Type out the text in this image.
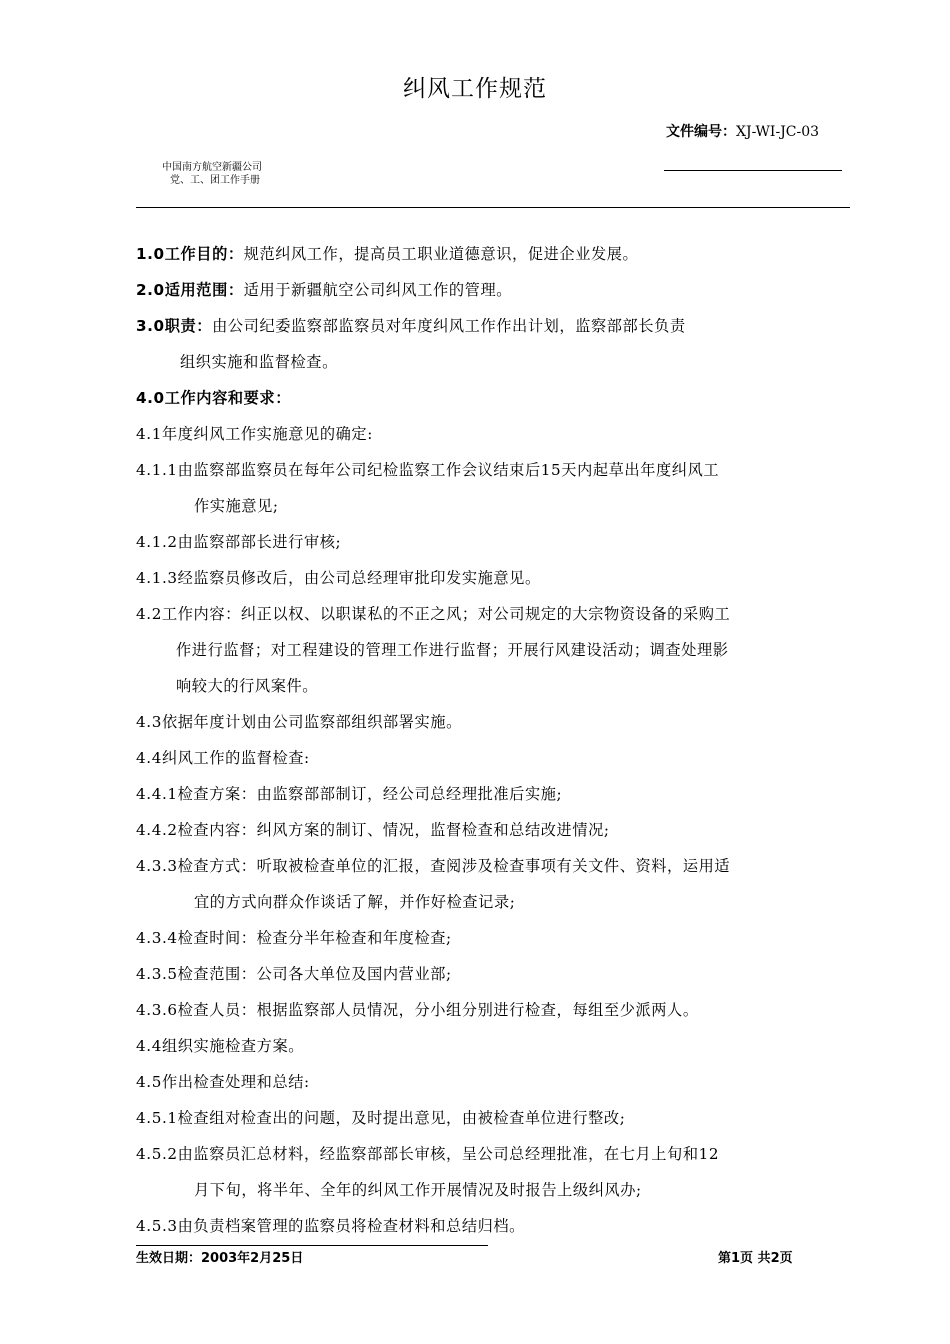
纠风工作规范
文件编号：XJ-WI-JC-03
中国南方航空新疆公司
党、工、团工作手册
1.0工作目的：规范纠风工作，提高员工职业道德意识，促进企业发展。
2.0适用范围：适用于新疆航空公司纠风工作的管理。
3.0职责：由公司纪委监察部监察员对年度纠风工作作出计划，监察部部长负责
组织实施和监督检查。
4.0工作内容和要求：
4.1年度纠风工作实施意见的确定:
4.1.1由监察部监察员在每年公司纪检监察工作会议结束后15天内起草出年度纠风工
作实施意见;
4.1.2由监察部部长进行审核;
4.1.3经监察员修改后，由公司总经理审批印发实施意见。
4.2工作内容：纠正以权、以职谋私的不正之风；对公司规定的大宗物资设备的采购工
作进行监督；对工程建设的管理工作进行监督；开展行风建设活动；调查处理影
响较大的行风案件。
4.3依据年度计划由公司监察部组织部署实施。
4.4纠风工作的监督检查:
4.4.1检查方案：由监察部部制订，经公司总经理批准后实施;
4.4.2检查内容：纠风方案的制订、情况，监督检查和总结改进情况;
4.3.3检查方式：听取被检查单位的汇报，查阅涉及检查事项有关文件、资料，运用适
宜的方式向群众作谈话了解，并作好检查记录;
4.3.4检查时间：检查分半年检查和年度检查;
4.3.5检查范围：公司各大单位及国内营业部;
4.3.6检查人员：根据监察部人员情况，分小组分别进行检查，每组至少派两人。
4.4组织实施检查方案。
4.5作出检查处理和总结:
4.5.1检查组对检查出的问题，及时提出意见，由被检查单位进行整改;
4.5.2由监察员汇总材料，经监察部部长审核，呈公司总经理批准，在七月上旬和12
月下旬，将半年、全年的纠风工作开展情况及时报告上级纠风办;
4.5.3由负责档案管理的监察员将检查材料和总结归档。
生效日期：2003年2月25日	第1页 共2页
